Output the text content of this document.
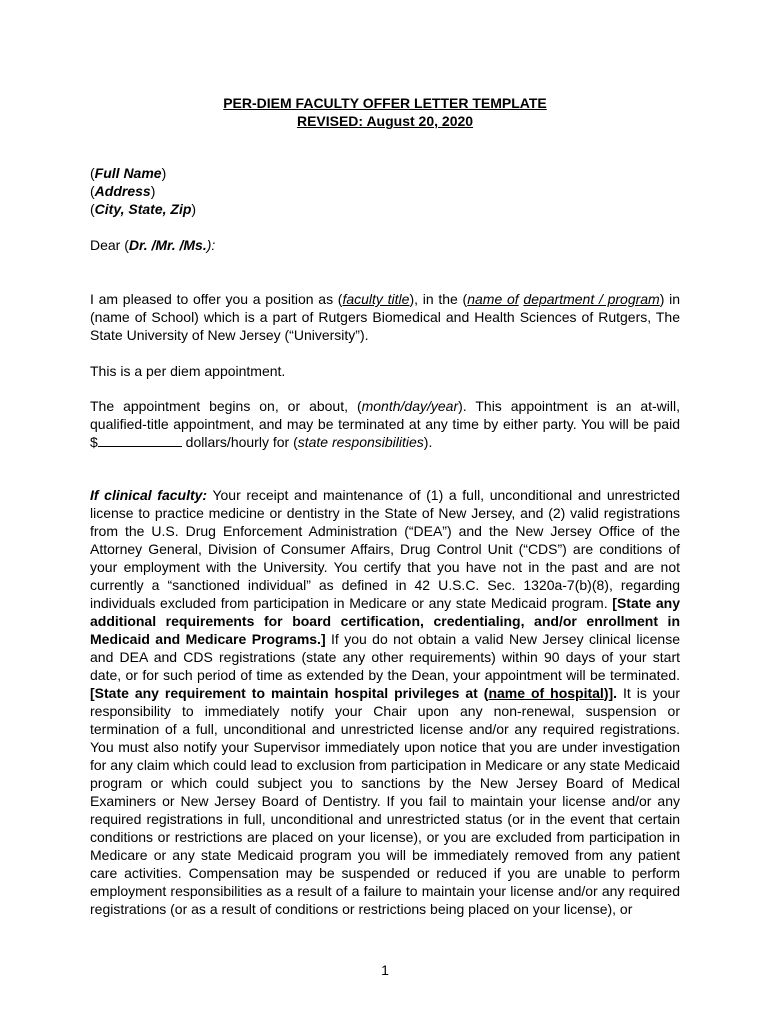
PER-DIEM FACULTY OFFER LETTER TEMPLATE
REVISED: August 20, 2020
(Full Name)
(Address)
(City, State, Zip)
Dear (Dr. /Mr. /Ms.):
I am pleased to offer you a position as (faculty title), in the (name of department / program) in (name of School) which is a part of Rutgers Biomedical and Health Sciences of Rutgers, The State University of New Jersey (“University”).
This is a per diem appointment.
The appointment begins on, or about, (month/day/year). This appointment is an at-will, qualified-title appointment, and may be terminated at any time by either party. You will be paid $	dollars/hourly for (state responsibilities).
If clinical faculty: Your receipt and maintenance of (1) a full, unconditional and unrestricted license to practice medicine or dentistry in the State of New Jersey, and (2) valid registrations from the U.S. Drug Enforcement Administration (“DEA”) and the New Jersey Office of the Attorney General, Division of Consumer Affairs, Drug Control Unit (“CDS”) are conditions of your employment with the University. You certify that you have not in the past and are not currently a “sanctioned individual” as defined in 42 U.S.C. Sec. 1320a-7(b)(8), regarding individuals excluded from participation in Medicare or any state Medicaid program. [State any additional requirements for board certification, credentialing, and/or enrollment in Medicaid and Medicare Programs.] If you do not obtain a valid New Jersey clinical license and DEA and CDS registrations (state any other requirements) within 90 days of your start date, or for such period of time as extended by the Dean, your appointment will be terminated. [State any requirement to maintain hospital privileges at (name of hospital)]. It is your responsibility to immediately notify your Chair upon any non-renewal, suspension or termination of a full, unconditional and unrestricted license and/or any required registrations. You must also notify your Supervisor immediately upon notice that you are under investigation for any claim which could lead to exclusion from participation in Medicare or any state Medicaid program or which could subject you to sanctions by the New Jersey Board of Medical Examiners or New Jersey Board of Dentistry. If you fail to maintain your license and/or any required registrations in full, unconditional and unrestricted status (or in the event that certain conditions or restrictions are placed on your license), or you are excluded from participation in Medicare or any state Medicaid program you will be immediately removed from any patient care activities. Compensation may be suspended or reduced if you are unable to perform employment responsibilities as a result of a failure to maintain your license and/or any required registrations (or as a result of conditions or restrictions being placed on your license), or
1
